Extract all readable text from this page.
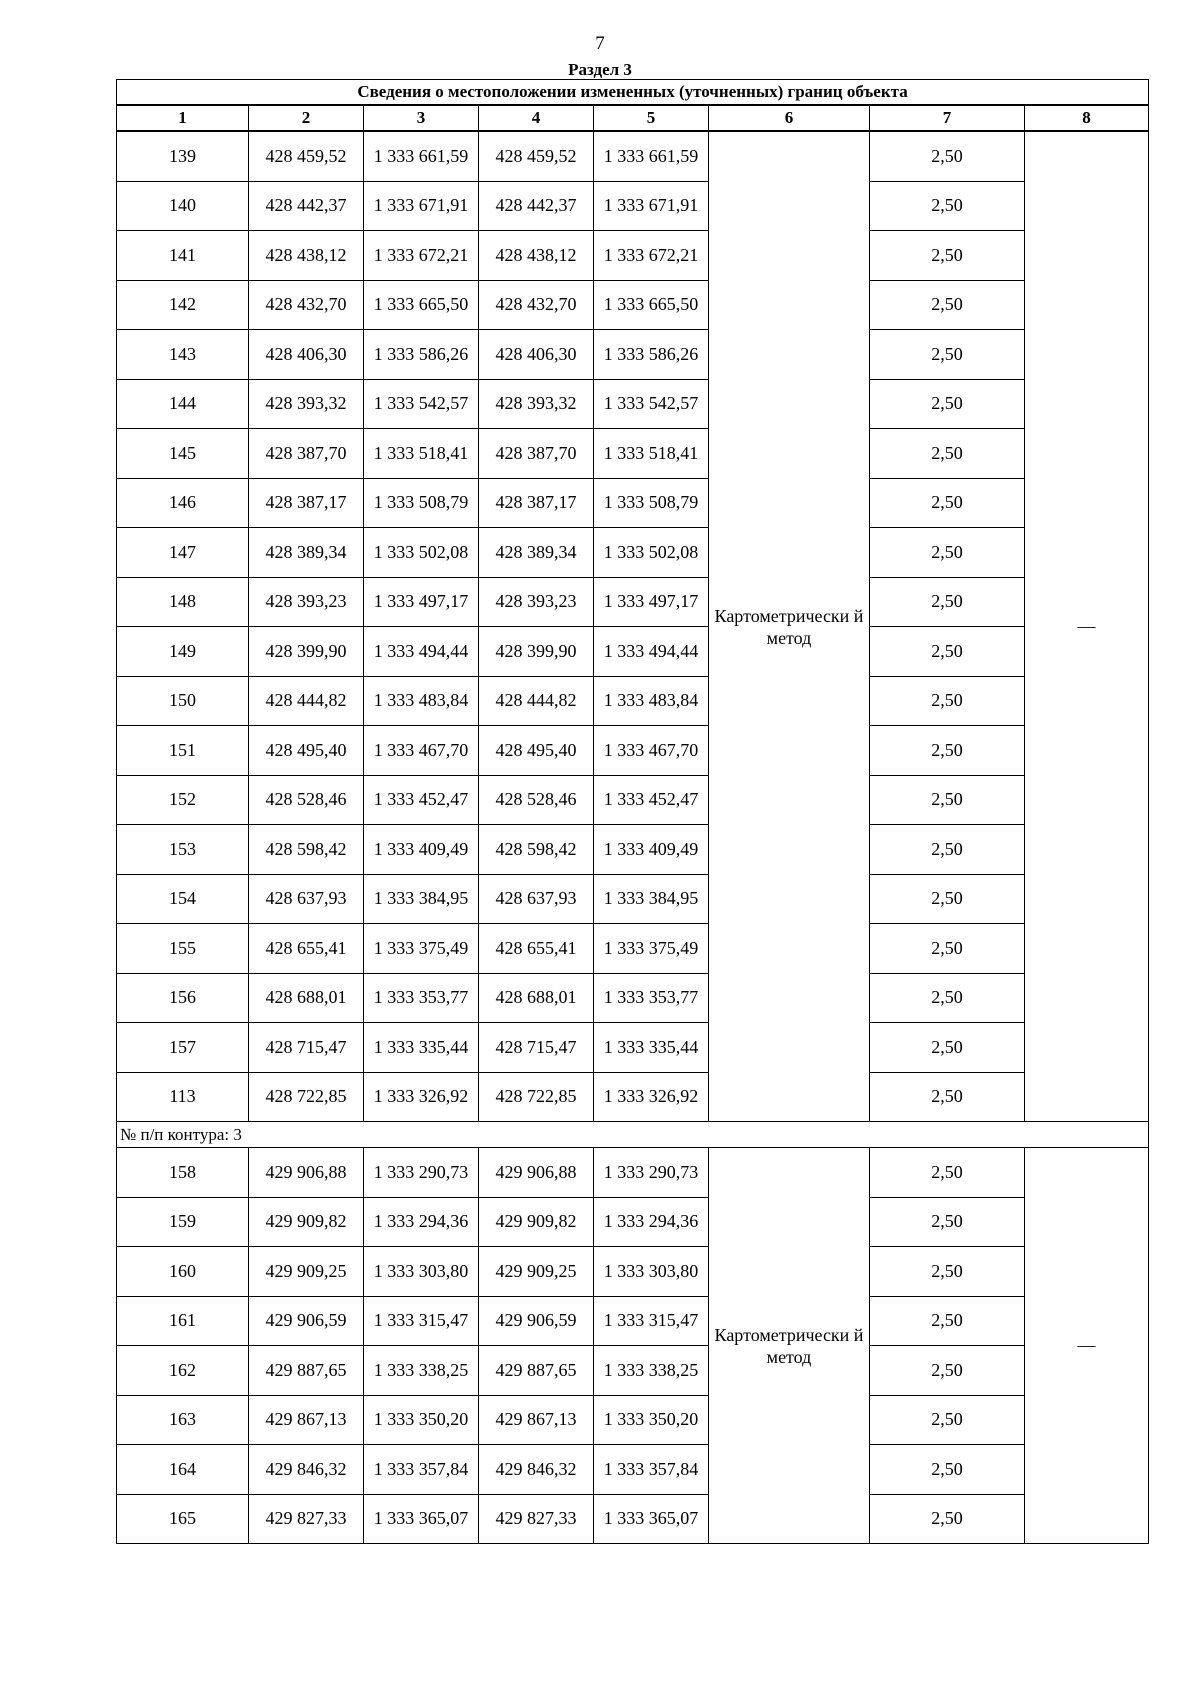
7
Раздел 3
Сведения о местоположении измененных (уточненных) границ объекта							
1	2	3	4	5	6	7	8
139	428 459,52	1 333 661,59	428 459,52	1 333 661,59	Картометрически й метод	2,50	—
140	428 442,37	1 333 671,91	428 442,37	1 333 671,91		2,50	
141	428 438,12	1 333 672,21	428 438,12	1 333 672,21		2,50	
142	428 432,70	1 333 665,50	428 432,70	1 333 665,50		2,50	
143	428 406,30	1 333 586,26	428 406,30	1 333 586,26		2,50	
144	428 393,32	1 333 542,57	428 393,32	1 333 542,57		2,50	
145	428 387,70	1 333 518,41	428 387,70	1 333 518,41		2,50	
146	428 387,17	1 333 508,79	428 387,17	1 333 508,79		2,50	
147	428 389,34	1 333 502,08	428 389,34	1 333 502,08		2,50	
148	428 393,23	1 333 497,17	428 393,23	1 333 497,17		2,50	
149	428 399,90	1 333 494,44	428 399,90	1 333 494,44		2,50	
150	428 444,82	1 333 483,84	428 444,82	1 333 483,84		2,50	
151	428 495,40	1 333 467,70	428 495,40	1 333 467,70		2,50	
152	428 528,46	1 333 452,47	428 528,46	1 333 452,47		2,50	
153	428 598,42	1 333 409,49	428 598,42	1 333 409,49		2,50	
154	428 637,93	1 333 384,95	428 637,93	1 333 384,95		2,50	
155	428 655,41	1 333 375,49	428 655,41	1 333 375,49		2,50	
156	428 688,01	1 333 353,77	428 688,01	1 333 353,77		2,50	
157	428 715,47	1 333 335,44	428 715,47	1 333 335,44		2,50	
113	428 722,85	1 333 326,92	428 722,85	1 333 326,92		2,50	
№ п/п контура: 3							
158	429 906,88	1 333 290,73	429 906,88	1 333 290,73	Картометрически й метод	2,50	—
159	429 909,82	1 333 294,36	429 909,82	1 333 294,36		2,50	
160	429 909,25	1 333 303,80	429 909,25	1 333 303,80		2,50	
161	429 906,59	1 333 315,47	429 906,59	1 333 315,47		2,50	
162	429 887,65	1 333 338,25	429 887,65	1 333 338,25		2,50	
163	429 867,13	1 333 350,20	429 867,13	1 333 350,20		2,50	
164	429 846,32	1 333 357,84	429 846,32	1 333 357,84		2,50	
165	429 827,33	1 333 365,07	429 827,33	1 333 365,07		2,50	
